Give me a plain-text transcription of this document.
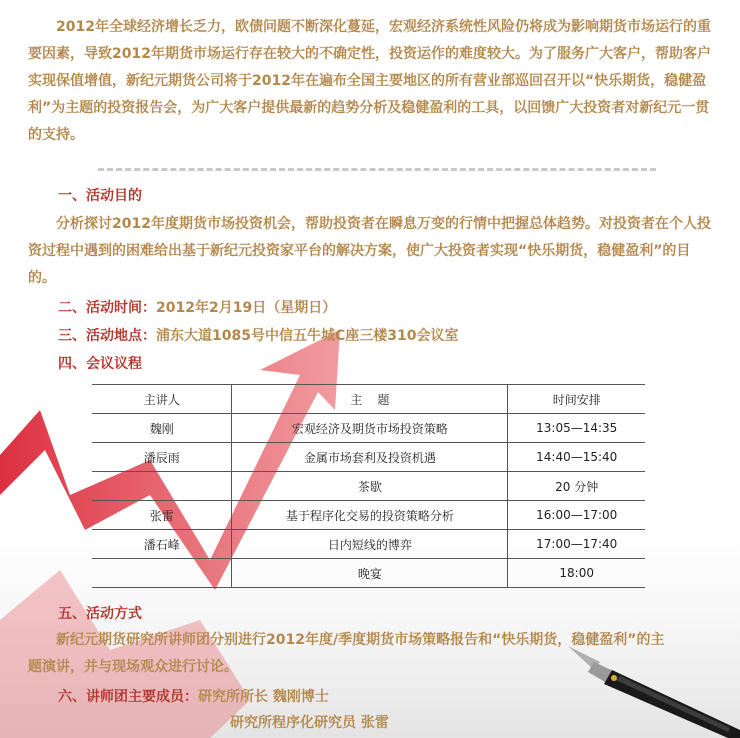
2012年全球经济增长乏力，欧债问题不断深化蔓延，宏观经济系统性风险仍将成为影响期货市场运行的重要因素，导致2012年期货市场运行存在较大的不确定性，投资运作的难度较大。为了服务广大客户，帮助客户实现保值增值，新纪元期货公司将于2012年在遍布全国主要地区的所有营业部巡回召开以“快乐期货，稳健盈利”为主题的投资报告会，为广大客户提供最新的趋势分析及稳健盈利的工具，以回馈广大投资者对新纪元一贯的支持。

一、活动目的

分析探讨2012年度期货市场投资机会，帮助投资者在瞬息万变的行情中把握总体趋势。对投资者在个人投资过程中遇到的困难给出基于新纪元投资家平台的解决方案，使广大投资者实现“快乐期货，稳健盈利”的目的。

二、活动时间：2012年2月19日（星期日）

三、活动地点：浦东大道1085号中信五牛城C座三楼310会议室

四、会议议程

主讲人	主    题	时间安排
魏刚	宏观经济及期货市场投资策略	13:05—14:35
潘辰雨	金属市场套利及投资机遇	14:40—15:40
	茶歇	20 分钟
张雷	基于程序化交易的投资策略分析	16:00—17:00
潘石峰	日内短线的博弈	17:00—17:40
	晚宴	18:00

五、活动方式

新纪元期货研究所讲师团分别进行2012年度/季度期货市场策略报告和“快乐期货，稳健盈利”的主题演讲，并与现场观众进行讨论。

六、讲师团主要成员：研究所所长 魏刚博士

研究所程序化研究员 张雷
